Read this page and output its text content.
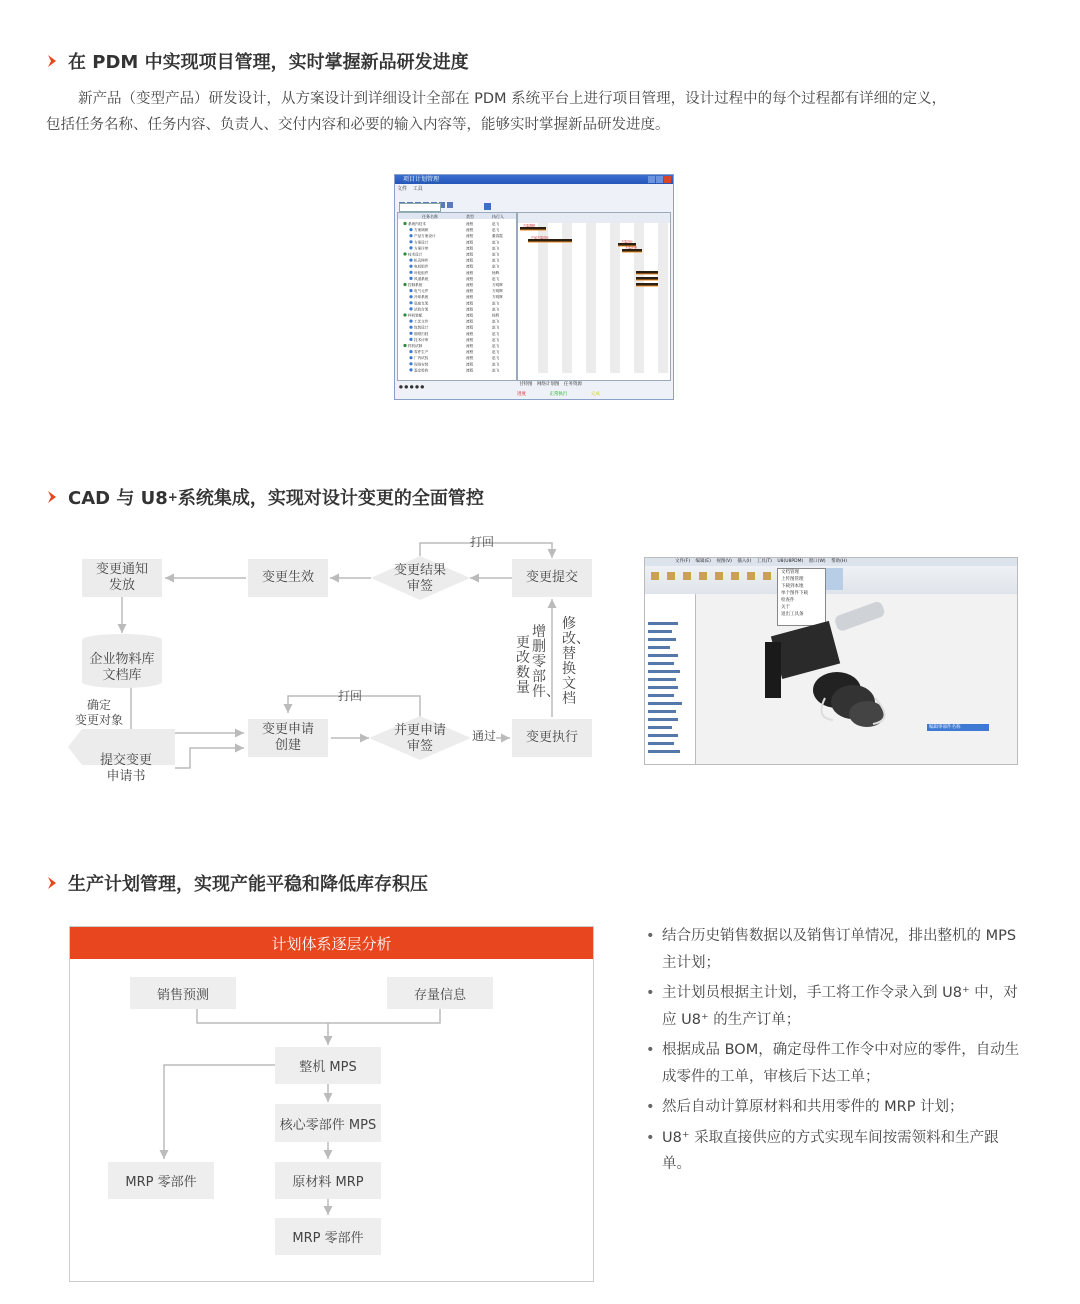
在 PDM 中实现项目管理，实时掌握新品研发进度
新产品（变型产品）研发设计，从方案设计到详细设计全部在 PDM 系统平台上进行项目管理，设计过程中的每个过程都有详细的定义，
包括任务名称、任务内容、负责人、交付内容和必要的输入内容等，能够实时掌握新品研发进度。
项目计划管理
文件 工具
任务名称	类型	执行人
系统内技术	流程	赵飞
方案调研	流程	赵飞
产品方案设计	流程	董春霞
方案设计	流程	赵飞
方案评审	流程	赵飞
技术设计	流程	赵飞
机壳铸件	流程	赵飞
电机组件	流程	赵飞
叶轮组件	流程	杨辉
风道系统	流程	赵飞
控制系统	流程	方明辉
电气元件	流程	方明辉
冷却系统	流程	方明辉
底座支架	流程	赵飞
试验台架	流程	赵飞
样机装配	流程	杨辉
工艺文件	流程	赵飞
包装设计	流程	赵飞
图纸归档	流程	赵飞
技术评审	流程	赵飞
样机试制	流程	赵飞
零件生产	流程	赵飞
厂内试验	流程	赵飞
现场安装	流程	赵飞
鉴定验收	流程	赵飞
方案调研
产品方案设计
方案设计
方案评审
甘特图 网络计划图 任务资源
● ● ● ● ●
进度	正常执行	完成
CAD 与 U8 + 系统集成，实现对设计变更的全面管控
变更通知
发放
变更生效	变更结果
审签
变更提交
打回
企业物料库
文档库
确定
变更对象
变更申请
创建
并更申请
审签
变更执行
打回
通过
提交变更
申请书
增删零部件、
更改数量
修改、替换文档
文件(F) 编辑(E) 视图(V) 插入(I) 工具(T) U8(U8PDM) 窗口(W) 帮助(H)
文档管理
上传图管理
下载到本地
单个图件下载
检查件
关于
退出工具条
编辑零部件名称
生产计划管理，实现产能平稳和降低库存积压
计划体系逐层分析
销售预测	存量信息
整机 MPS
核心零部件 MPS
MRP 零部件	原材料 MRP
MRP 零部件
• 结合历史销售数据以及销售订单情况，排出整机的 MPS 主计划；
• 主计划员根据主计划，手工将工作令录入到 U8⁺ 中，对应 U8⁺ 的生产订单；
• 根据成品 BOM，确定母件工作令中对应的零件，自动生成零件的工单，审核后下达工单；
• 然后自动计算原材料和共用零件的 MRP 计划；
• U8⁺ 采取直接供应的方式实现车间按需领料和生产跟单。
